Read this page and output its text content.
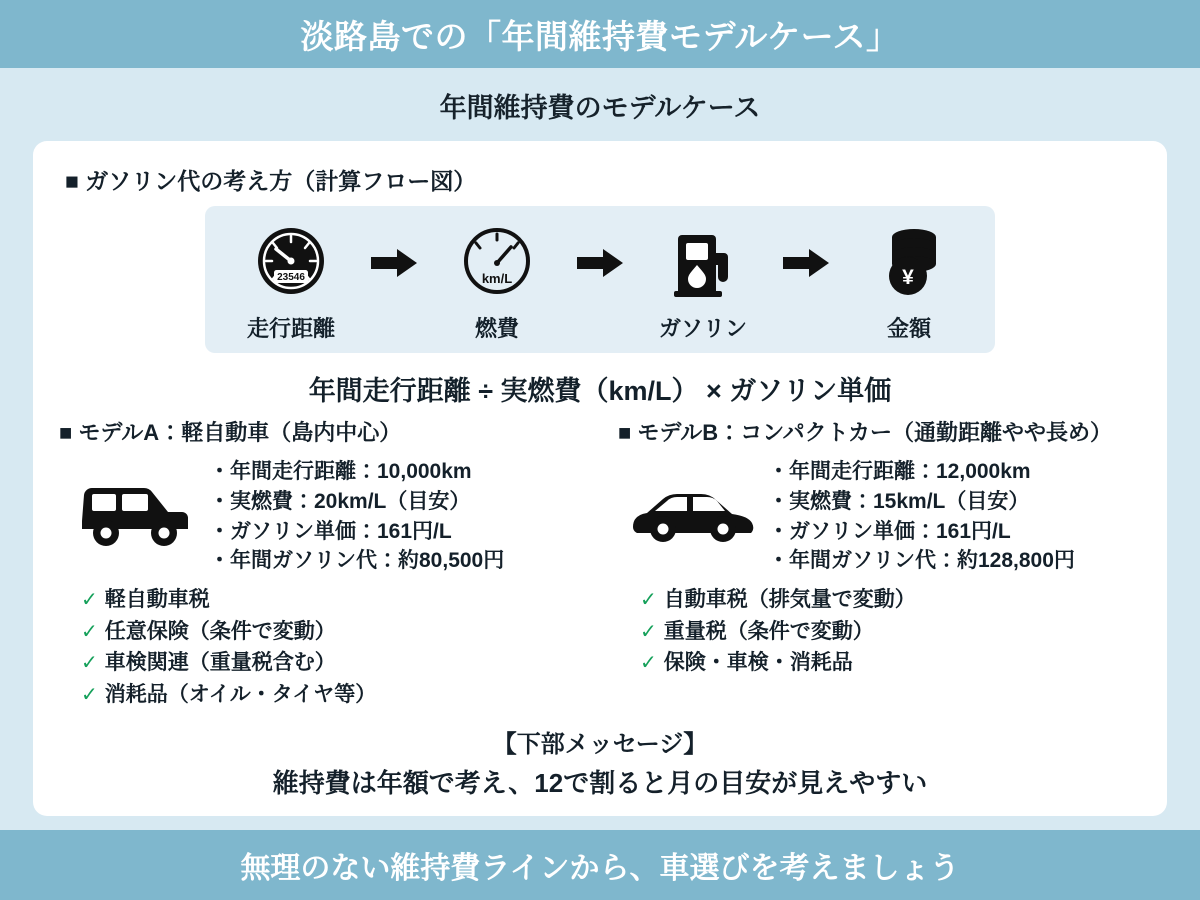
淡路島での「年間維持費モデルケース」
年間維持費のモデルケース
■ ガソリン代の考え方（計算フロー図）
23546
走行距離
km/L
燃費	ガソリン
¥
金額
年間走行距離 ÷ 実燃費（km/L） × ガソリン単価
■ モデルA：軽自動車（島内中心）
・年間走行距離：10,000km
・実燃費：20km/L（目安）
・ガソリン単価：161円/L
・年間ガソリン代：約80,500円
✓ 軽自動車税
✓ 任意保険（条件で変動）
✓ 車検関連（重量税含む）
✓ 消耗品（オイル・タイヤ等）
■ モデルB：コンパクトカー（通勤距離やや長め）
・年間走行距離：12,000km
・実燃費：15km/L（目安）
・ガソリン単価：161円/L
・年間ガソリン代：約128,800円
✓ 自動車税（排気量で変動）
✓ 重量税（条件で変動）
✓ 保険・車検・消耗品
【下部メッセージ】
維持費は年額で考え、12で割ると月の目安が見えやすい
無理のない維持費ラインから、車選びを考えましょう
